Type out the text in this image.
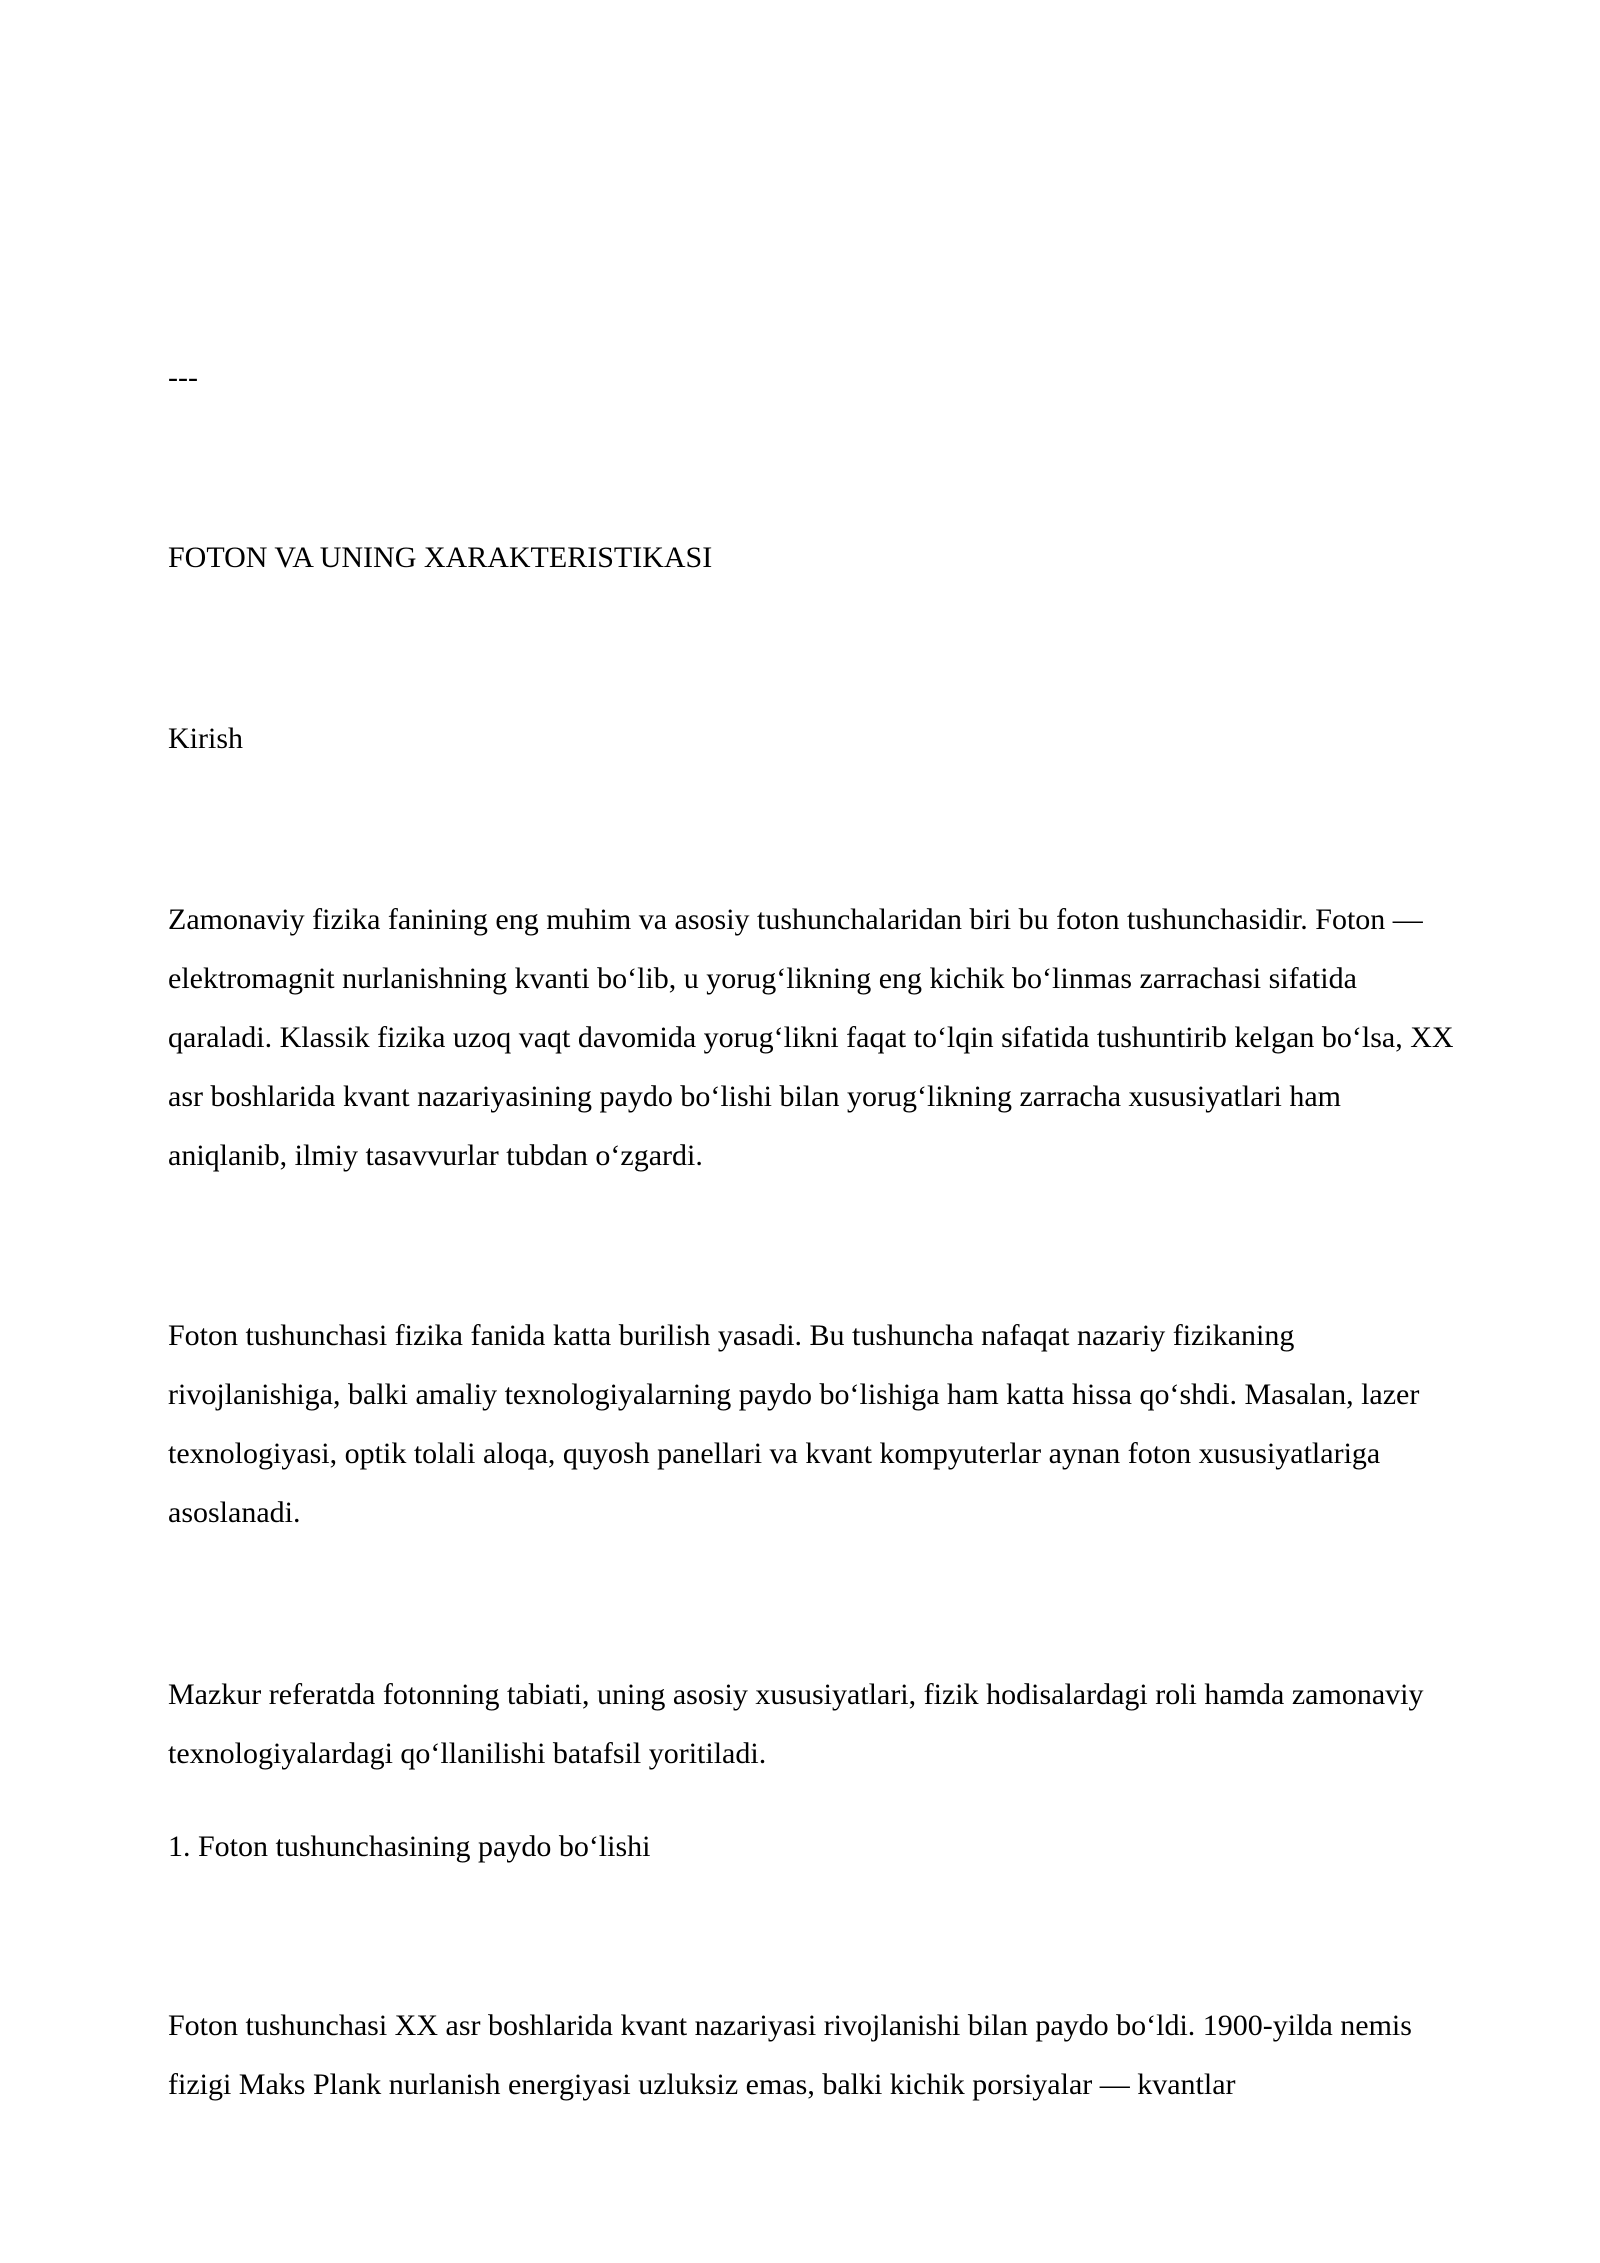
---

FOTON VA UNING XARAKTERISTIKASI

Kirish

Zamonaviy fizika fanining eng muhim va asosiy tushunchalaridan biri bu foton tushunchasidir. Foton — elektromagnit nurlanishning kvanti bo‘lib, u yorug‘likning eng kichik bo‘linmas zarrachasi sifatida qaraladi. Klassik fizika uzoq vaqt davomida yorug‘likni faqat to‘lqin sifatida tushuntirib kelgan bo‘lsa, XX asr boshlarida kvant nazariyasining paydo bo‘lishi bilan yorug‘likning zarracha xususiyatlari ham aniqlanib, ilmiy tasavvurlar tubdan o‘zgardi.

Foton tushunchasi fizika fanida katta burilish yasadi. Bu tushuncha nafaqat nazariy fizikaning rivojlanishiga, balki amaliy texnologiyalarning paydo bo‘lishiga ham katta hissa qo‘shdi. Masalan, lazer texnologiyasi, optik tolali aloqa, quyosh panellari va kvant kompyuterlar aynan foton xususiyatlariga asoslanadi.

Mazkur referatda fotonning tabiati, uning asosiy xususiyatlari, fizik hodisalardagi roli hamda zamonaviy texnologiyalardagi qo‘llanilishi batafsil yoritiladi.

1. Foton tushunchasining paydo bo‘lishi

Foton tushunchasi XX asr boshlarida kvant nazariyasi rivojlanishi bilan paydo bo‘ldi. 1900-yilda nemis fizigi Maks Plank nurlanish energiyasi uzluksiz emas, balki kichik porsiyalar — kvantlar
